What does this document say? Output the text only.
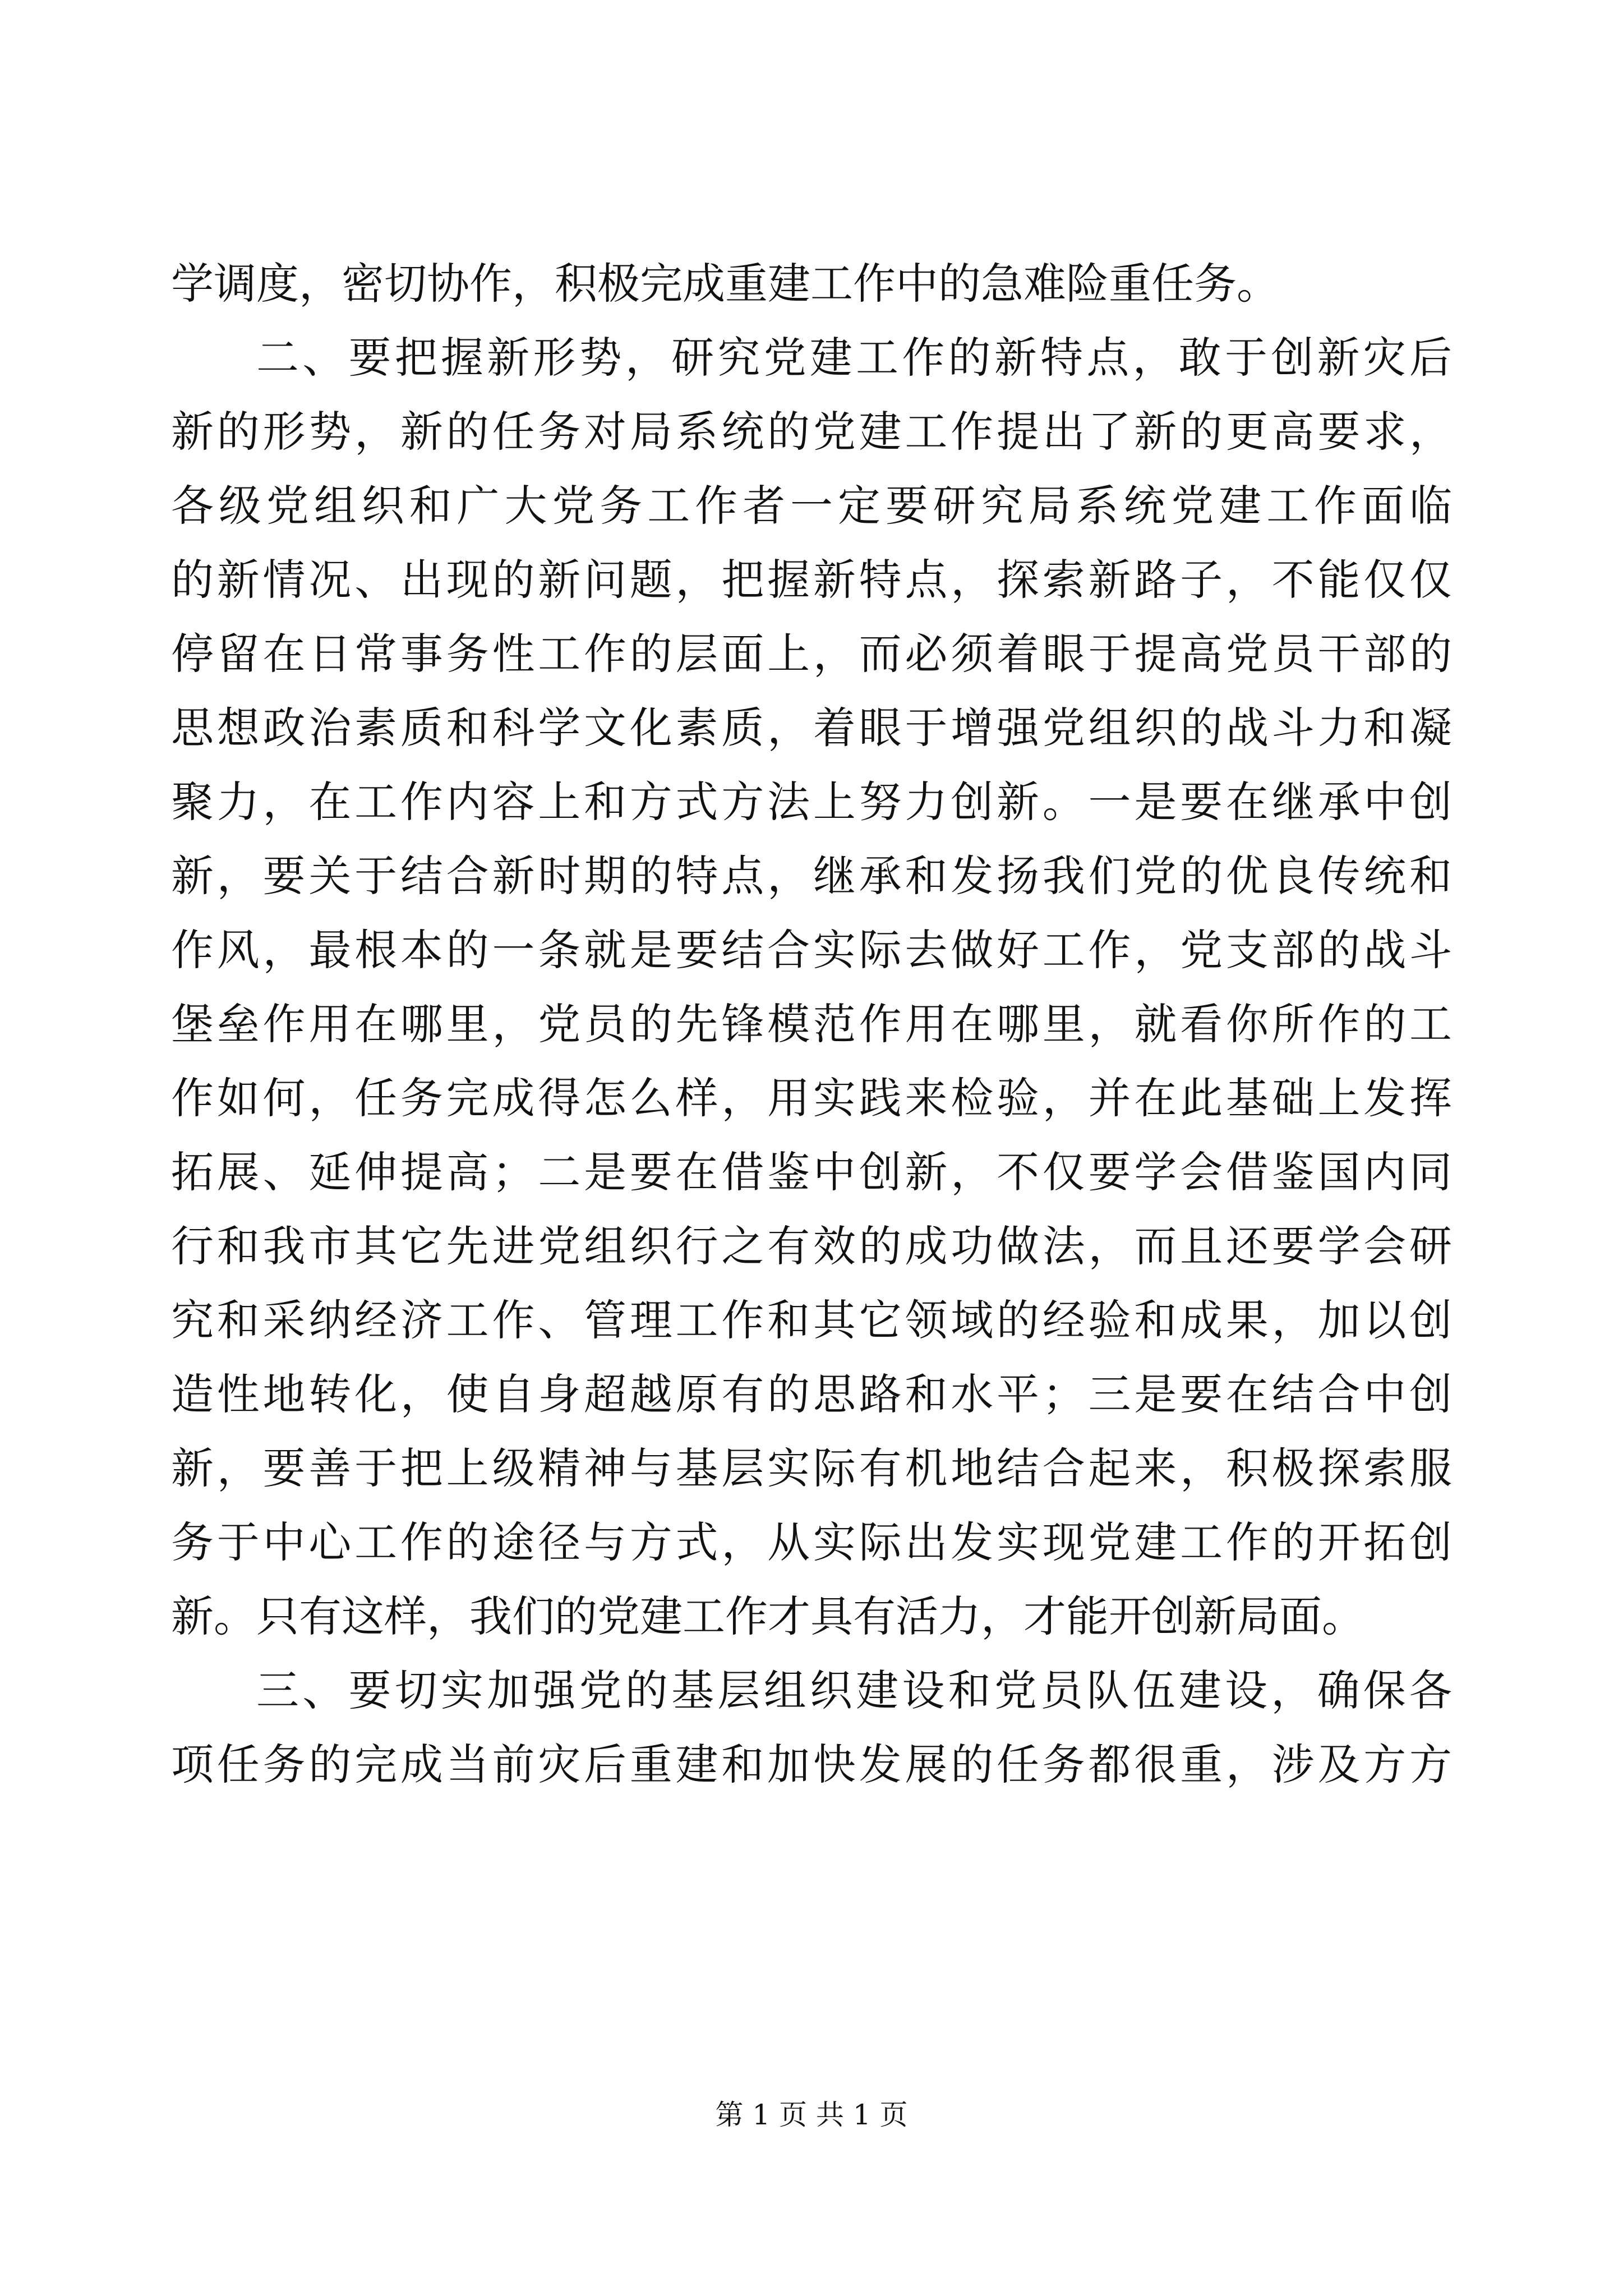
学调度，密切协作，积极完成重建工作中的急难险重任务。
二、要把握新形势，研究党建工作的新特点，敢于创新灾后
新的形势，新的任务对局系统的党建工作提出了新的更高要求，
各级党组织和广大党务工作者一定要研究局系统党建工作面临
的新情况、出现的新问题，把握新特点，探索新路子，不能仅仅
停留在日常事务性工作的层面上，而必须着眼于提高党员干部的
思想政治素质和科学文化素质，着眼于增强党组织的战斗力和凝
聚力，在工作内容上和方式方法上努力创新。一是要在继承中创
新，要关于结合新时期的特点，继承和发扬我们党的优良传统和
作风，最根本的一条就是要结合实际去做好工作，党支部的战斗
堡垒作用在哪里，党员的先锋模范作用在哪里，就看你所作的工
作如何，任务完成得怎么样，用实践来检验，并在此基础上发挥
拓展、延伸提高；二是要在借鉴中创新，不仅要学会借鉴国内同
行和我市其它先进党组织行之有效的成功做法，而且还要学会研
究和采纳经济工作、管理工作和其它领域的经验和成果，加以创
造性地转化，使自身超越原有的思路和水平；三是要在结合中创
新，要善于把上级精神与基层实际有机地结合起来，积极探索服
务于中心工作的途径与方式，从实际出发实现党建工作的开拓创
新。只有这样，我们的党建工作才具有活力，才能开创新局面。
三、要切实加强党的基层组织建设和党员队伍建设，确保各
项任务的完成当前灾后重建和加快发展的任务都很重，涉及方方
第 1 页 共 1 页
